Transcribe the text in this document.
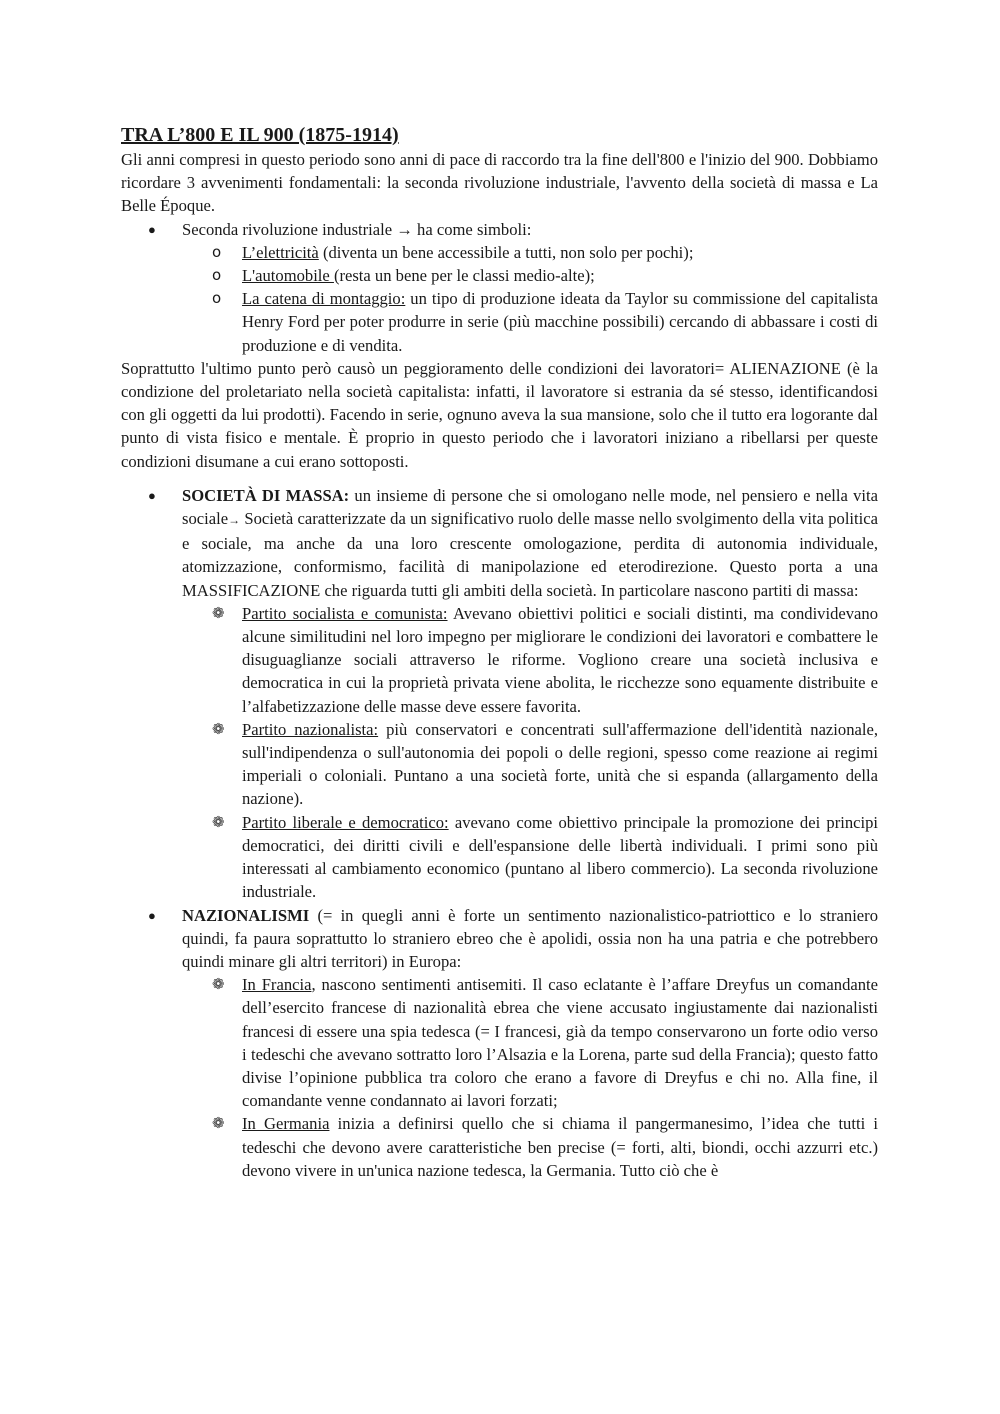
TRA L’800 E IL 900 (1875-1914)

Gli anni compresi in questo periodo sono anni di pace di raccordo tra la fine dell'800 e l'inizio del 900. Dobbiamo ricordare 3 avvenimenti fondamentali: la seconda rivoluzione industriale, l'avvento della società di massa e La Belle Époque.

● Seconda rivoluzione industriale → ha come simboli:
o L’elettricità (diventa un bene accessibile a tutti, non solo per pochi);
o L'automobile (resta un bene per le classi medio-alte);
o La catena di montaggio: un tipo di produzione ideata da Taylor su commissione del capitalista Henry Ford per poter produrre in serie (più macchine possibili) cercando di abbassare i costi di produzione e di vendita.

Soprattutto l'ultimo punto però causò un peggioramento delle condizioni dei lavoratori= ALIENAZIONE (è la condizione del proletariato nella società capitalista: infatti, il lavoratore si estrania da sé stesso, identificandosi con gli oggetti da lui prodotti). Facendo in serie, ognuno aveva la sua mansione, solo che il tutto era logorante dal punto di vista fisico e mentale. È proprio in questo periodo che i lavoratori iniziano a ribellarsi per queste condizioni disumane a cui erano sottoposti.

● SOCIETÀ DI MASSA: un insieme di persone che si omologano nelle mode, nel pensiero e nella vita sociale→ Società caratterizzate da un significativo ruolo delle masse nello svolgimento della vita politica e sociale, ma anche da una loro crescente omologazione, perdita di autonomia individuale, atomizzazione, conformismo, facilità di manipolazione ed eterodirezione. Questo porta a una MASSIFICAZIONE che riguarda tutti gli ambiti della società. In particolare nascono partiti di massa:
❁ Partito socialista e comunista: Avevano obiettivi politici e sociali distinti, ma condividevano alcune similitudini nel loro impegno per migliorare le condizioni dei lavoratori e combattere le disuguaglianze sociali attraverso le riforme. Vogliono creare una società inclusiva e democratica in cui la proprietà privata viene abolita, le ricchezze sono equamente distribuite e l’alfabetizzazione delle masse deve essere favorita.
❁ Partito nazionalista: più conservatori e concentrati sull'affermazione dell'identità nazionale, sull'indipendenza o sull'autonomia dei popoli o delle regioni, spesso come reazione ai regimi imperiali o coloniali. Puntano a una società forte, unità che si espanda (allargamento della nazione).
❁ Partito liberale e democratico: avevano come obiettivo principale la promozione dei principi democratici, dei diritti civili e dell'espansione delle libertà individuali. I primi sono più interessati al cambiamento economico (puntano al libero commercio). La seconda rivoluzione industriale.
● NAZIONALISMI (= in quegli anni è forte un sentimento nazionalistico-patriottico e lo straniero quindi, fa paura soprattutto lo straniero ebreo che è apolidi, ossia non ha una patria e che potrebbero quindi minare gli altri territori) in Europa:
❁ In Francia, nascono sentimenti antisemiti. Il caso eclatante è l’affare Dreyfus un comandante dell’esercito francese di nazionalità ebrea che viene accusato ingiustamente dai nazionalisti francesi di essere una spia tedesca (= I francesi, già da tempo conservarono un forte odio verso i tedeschi che avevano sottratto loro l’Alsazia e la Lorena, parte sud della Francia); questo fatto divise l’opinione pubblica tra coloro che erano a favore di Dreyfus e chi no. Alla fine, il comandante venne condannato ai lavori forzati;
❁ In Germania inizia a definirsi quello che si chiama il pangermanesimo, l’idea che tutti i tedeschi che devono avere caratteristiche ben precise (= forti, alti, biondi, occhi azzurri etc.) devono vivere in un'unica nazione tedesca, la Germania. Tutto ciò che è
